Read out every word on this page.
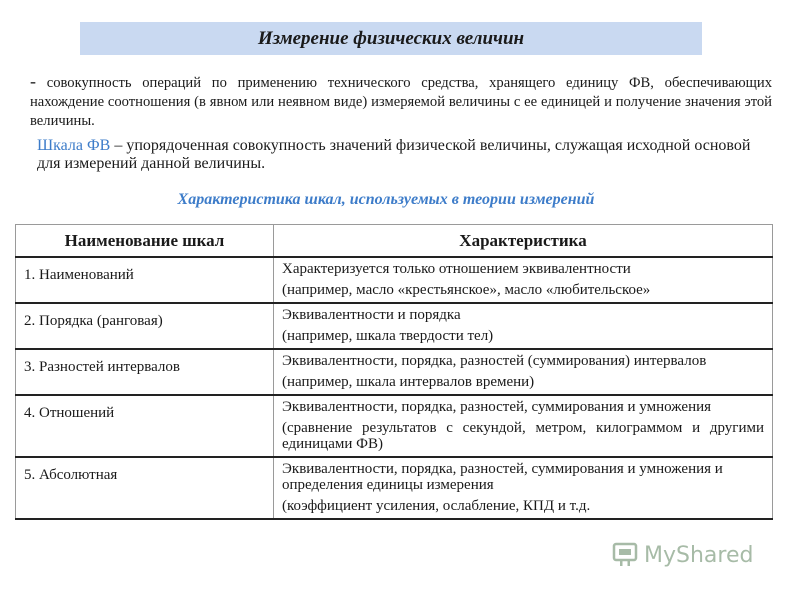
Измерение физических величин
- совокупность операций по применению технического средства, хранящего единицу ФВ, обеспечивающих нахождение соотношения (в явном или неявном виде) измеряемой величины с ее единицей и получение значения этой величины.
Шкала ФВ – упорядоченная совокупность значений физической величины, служащая исходной основой для измерений данной величины.
Характеристика шкал, используемых в теории измерений
Наименование шкал	Характеристика
1. Наименований	Характеризуется только отношением эквивалентности
(например, масло «крестьянское», масло «любительское»

2. Порядка (ранговая)	Эквивалентности и порядка
(например, шкала твердости тел)

3. Разностей интервалов	Эквивалентности, порядка, разностей (суммирования) интервалов
(например, шкала интервалов времени)

4. Отношений	Эквивалентности, порядка, разностей, суммирования и умножения
(сравнение результатов с секундой, метром, килограммом и другими единицами ФВ)

5. Абсолютная	Эквивалентности, порядка, разностей, суммирования и умножения и определения единицы измерения
(коэффициент усиления, ослабление, КПД и т.д.
MyShared
